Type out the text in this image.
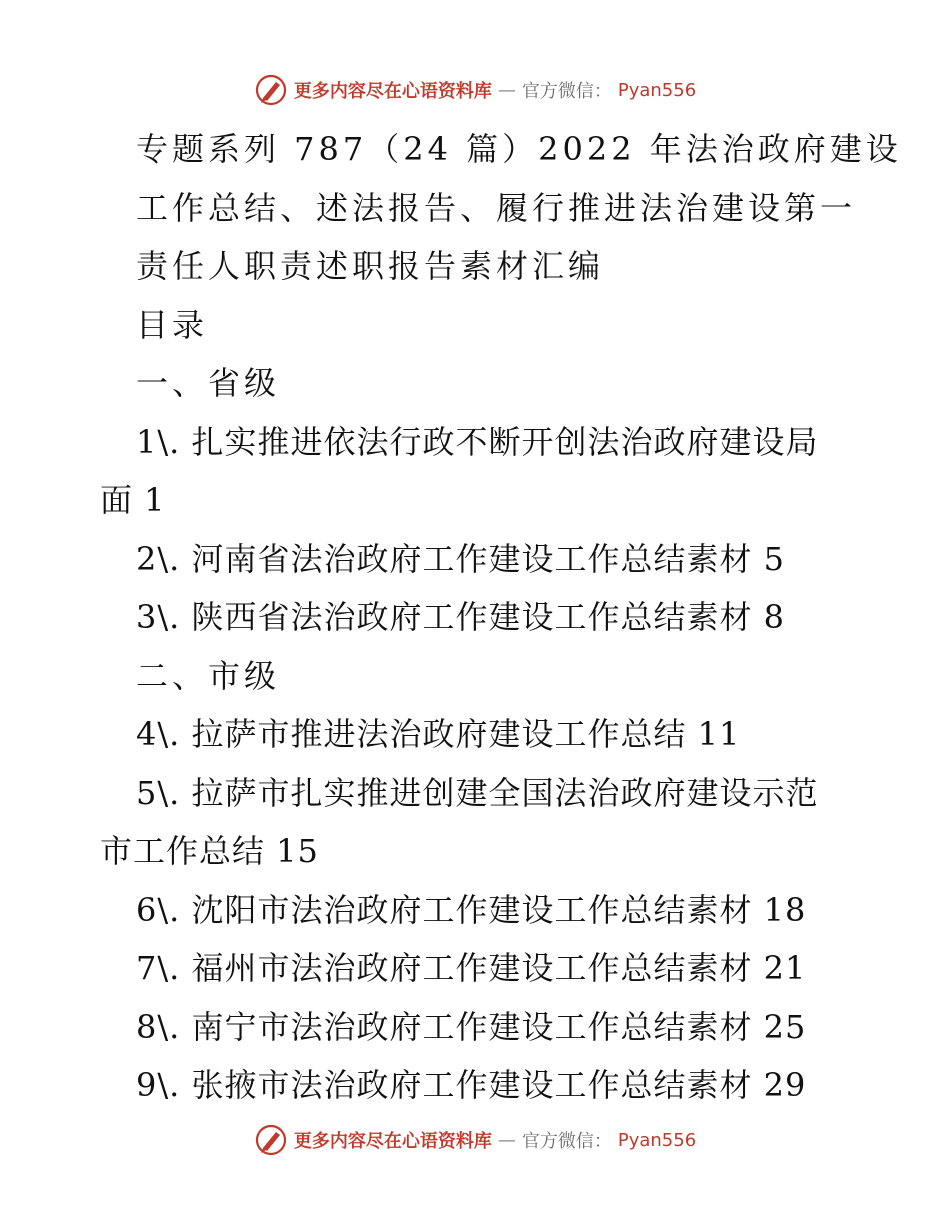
更多内容尽在心语资料库 — 官方微信： Pyan556
专题系列 787（24 篇）2022 年法治政府建设
工作总结、述法报告、履行推进法治建设第一
责任人职责述职报告素材汇编
目录
一、省级
1\. 扎实推进依法行政不断开创法治政府建设局
面 1
2\. 河南省法治政府工作建设工作总结素材 5
3\. 陕西省法治政府工作建设工作总结素材 8
二、市级
4\. 拉萨市推进法治政府建设工作总结 11
5\. 拉萨市扎实推进创建全国法治政府建设示范
市工作总结 15
6\. 沈阳市法治政府工作建设工作总结素材 18
7\. 福州市法治政府工作建设工作总结素材 21
8\. 南宁市法治政府工作建设工作总结素材 25
9\. 张掖市法治政府工作建设工作总结素材 29
更多内容尽在心语资料库 — 官方微信： Pyan556
